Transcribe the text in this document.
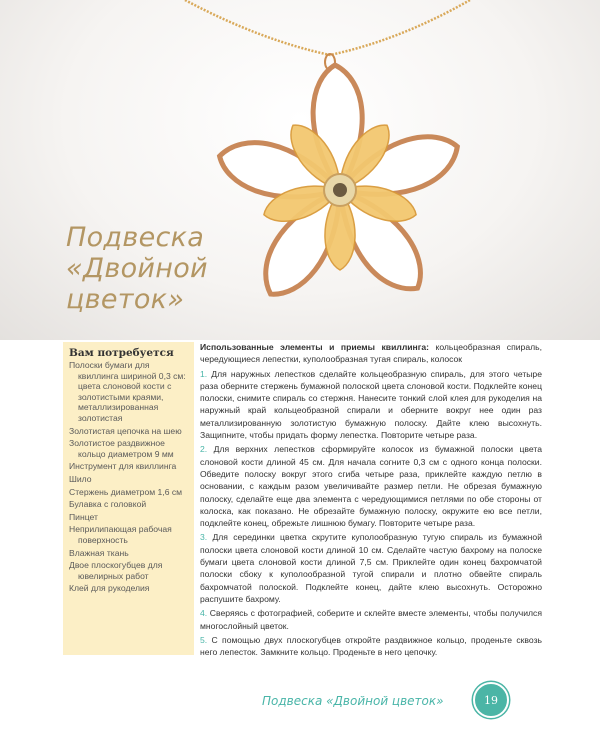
Подвеска
«Двойной
цветок»
Вам потребуется
Полоски бумаги для квиллинга шириной 0,3 см: цвета слоновой кости с золотистыми краями, металлизированная золотистая
Золотистая цепочка на шею
Золотистое раздвижное кольцо диаметром 9 мм
Инструмент для квиллинга
Шило
Стержень диаметром 1,6 см
Булавка с головкой
Пинцет
Неприлипающая рабочая поверхность
Влажная ткань
Двое плоскогубцев для ювелирных работ
Клей для рукоделия

Использованные элементы и приемы квиллинга: кольцеобразная спираль, чередующиеся лепестки, куполообразная тугая спираль, колосок

1. Для наружных лепестков сделайте кольцеобразную спираль, для этого четыре раза оберните стержень бумажной полоской цвета слоновой кости. Подклейте конец полоски, снимите спираль со стержня. Нанесите тонкий слой клея для рукоделия на наружный край кольцеобразной спирали и оберните вокруг нее один раз металлизированную золотистую бумажную полоску. Дайте клею высохнуть. Защипните, чтобы придать форму лепестка. Повторите четыре раза.

2. Для верхних лепестков сформируйте колосок из бумажной полоски цвета слоновой кости длиной 45 см. Для начала согните 0,3 см с одного конца полоски. Обведите полоску вокруг этого сгиба четыре раза, приклейте каждую петлю в основании, с каждым разом увеличивайте размер петли. Не обрезая бумажную полоску, сделайте еще два элемента с чередующимися петлями по обе стороны от колоска, как показано. Не обрезайте бумажную полоску, окружите ею все петли, подклейте конец, обрежьте лишнюю бумагу. Повторите четыре раза.

3. Для серединки цветка скрутите куполообразную тугую спираль из бумажной полоски цвета слоновой кости длиной 10 см. Сделайте частую бахрому на полоске бумаги цвета слоновой кости длиной 7,5 см. Приклейте один конец бахромчатой полоски сбоку к куполообразной тугой спирали и плотно обвейте спираль бахромчатой полоской. Подклейте конец, дайте клею высохнуть. Осторожно распушите бахрому.

4. Сверяясь с фотографией, соберите и склейте вместе элементы, чтобы получился многослойный цветок.

5. С помощью двух плоскогубцев откройте раздвижное кольцо, проденьте сквозь него лепесток. Замкните кольцо. Проденьте в него цепочку.

Подвеска «Двойной цветок»	19
